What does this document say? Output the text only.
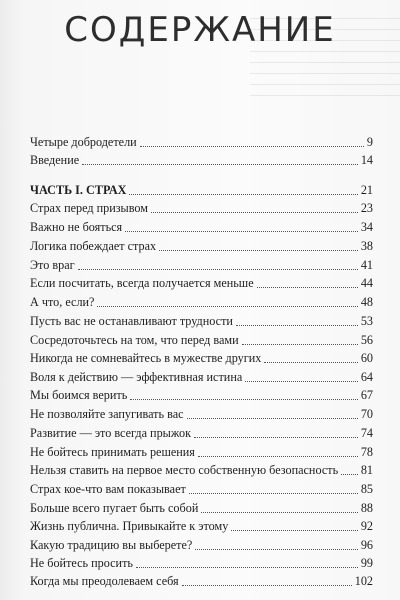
СОДЕРЖАНИЕ
Четыре добродетели	9
Введение	14
ЧАСТЬ I. СТРАХ	21
Страх перед призывом	23
Важно не бояться	34
Логика побеждает страх	38
Это враг	41
Если посчитать, всегда получается меньше	44
А что, если?	48
Пусть вас не останавливают трудности	53
Сосредоточьтесь на том, что перед вами	56
Никогда не сомневайтесь в мужестве других	60
Воля к действию — эффективная истина	64
Мы боимся верить	67
Не позволяйте запугивать вас	70
Развитие — это всегда прыжок	74
Не бойтесь принимать решения	78
Нельзя ставить на первое место собственную безопасность 81
Страх кое-что вам показывает	85
Больше всего пугает быть собой	88
Жизнь публична. Привыкайте к этому	92
Какую традицию вы выберете?	96
Не бойтесь просить	99
Когда мы преодолеваем себя	102
